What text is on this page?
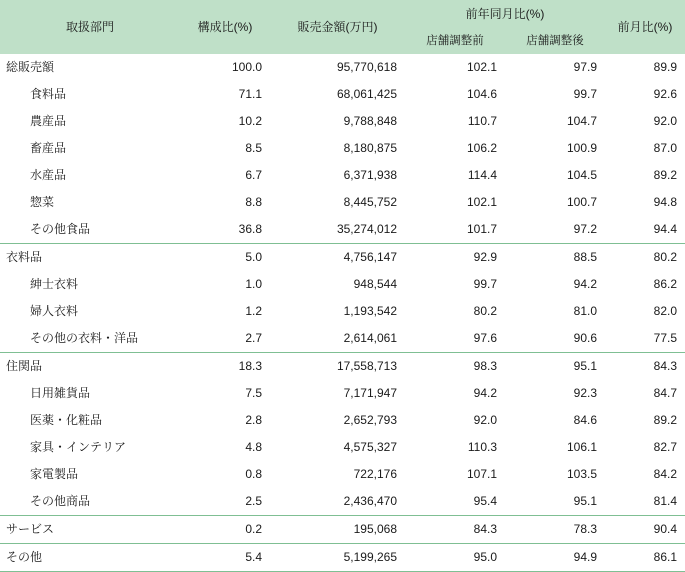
取扱部門	構成比(%)	販売金額(万円)	前年同月比(%)		前月比(%)
			店舗調整前	店舗調整後	
総販売額	100.0	95,770,618	102.1	97.9	89.9
食料品	71.1	68,061,425	104.6	99.7	92.6
農産品	10.2	9,788,848	110.7	104.7	92.0
畜産品	8.5	8,180,875	106.2	100.9	87.0
水産品	6.7	6,371,938	114.4	104.5	89.2
惣菜	8.8	8,445,752	102.1	100.7	94.8
その他食品	36.8	35,274,012	101.7	97.2	94.4
衣料品	5.0	4,756,147	92.9	88.5	80.2
紳士衣料	1.0	948,544	99.7	94.2	86.2
婦人衣料	1.2	1,193,542	80.2	81.0	82.0
その他の衣料・洋品	2.7	2,614,061	97.6	90.6	77.5
住関品	18.3	17,558,713	98.3	95.1	84.3
日用雑貨品	7.5	7,171,947	94.2	92.3	84.7
医薬・化粧品	2.8	2,652,793	92.0	84.6	89.2
家具・インテリア	4.8	4,575,327	110.3	106.1	82.7
家電製品	0.8	722,176	107.1	103.5	84.2
その他商品	2.5	2,436,470	95.4	95.1	81.4
サービス	0.2	195,068	84.3	78.3	90.4
その他	5.4	5,199,265	95.0	94.9	86.1
